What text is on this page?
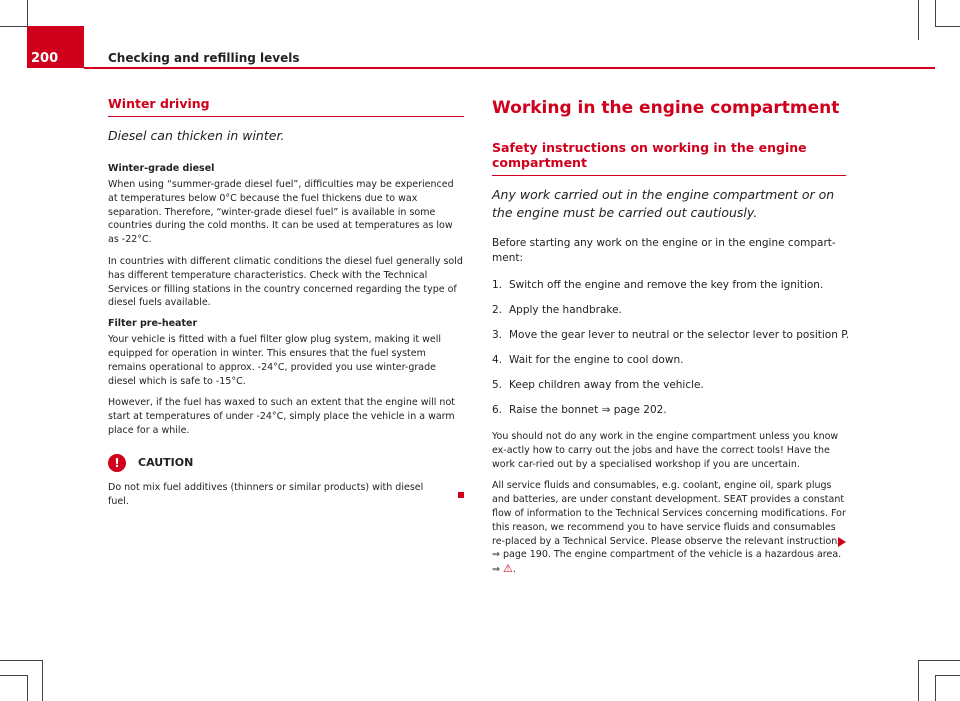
200	Checking and refilling levels
Winter driving
Diesel can thicken in winter.
Winter-grade diesel

When using “summer-grade diesel fuel”, difficulties may be experienced at temperatures below 0°C because the fuel thickens due to wax separation. Therefore, “winter-grade diesel fuel” is available in some countries during the cold months. It can be used at temperatures as low as -22°C.

In countries with different climatic conditions the diesel fuel generally sold has different temperature characteristics. Check with the Technical Services or filling stations in the country concerned regarding the type of diesel fuels available.

Filter pre-heater

Your vehicle is fitted with a fuel filter glow plug system, making it well equipped for operation in winter. This ensures that the fuel system remains operational to approx. -24°C, provided you use winter-grade diesel which is safe to -15°C.

However, if the fuel has waxed to such an extent that the engine will not start at temperatures of under -24°C, simply place the vehicle in a warm place for a while.

!	CAUTION

Do not mix fuel additives (thinners or similar products) with diesel fuel.

Working in the engine compartment
Safety instructions on working in the engine compartment
Any work carried out in the engine compartment or on the engine must be carried out cautiously.
Before starting any work on the engine or in the engine compart-ment:
1. Switch off the engine and remove the key from the ignition.
2. Apply the handbrake.
3. Move the gear lever to neutral or the selector lever to position P.
4. Wait for the engine to cool down.
5. Keep children away from the vehicle.
6. Raise the bonnet ⇒ page 202.

You should not do any work in the engine compartment unless you know ex-actly how to carry out the jobs and have the correct tools! Have the work car-ried out by a specialised workshop if you are uncertain.

All service fluids and consumables, e.g. coolant, engine oil, spark plugs and batteries, are under constant development. SEAT provides a constant flow of information to the Technical Services concerning modifications. For this reason, we recommend you to have service fluids and consumables re-placed by a Technical Service. Please observe the relevant instructions ⇒ page 190. The engine compartment of the vehicle is a hazardous area.
⇒ ⚠.
